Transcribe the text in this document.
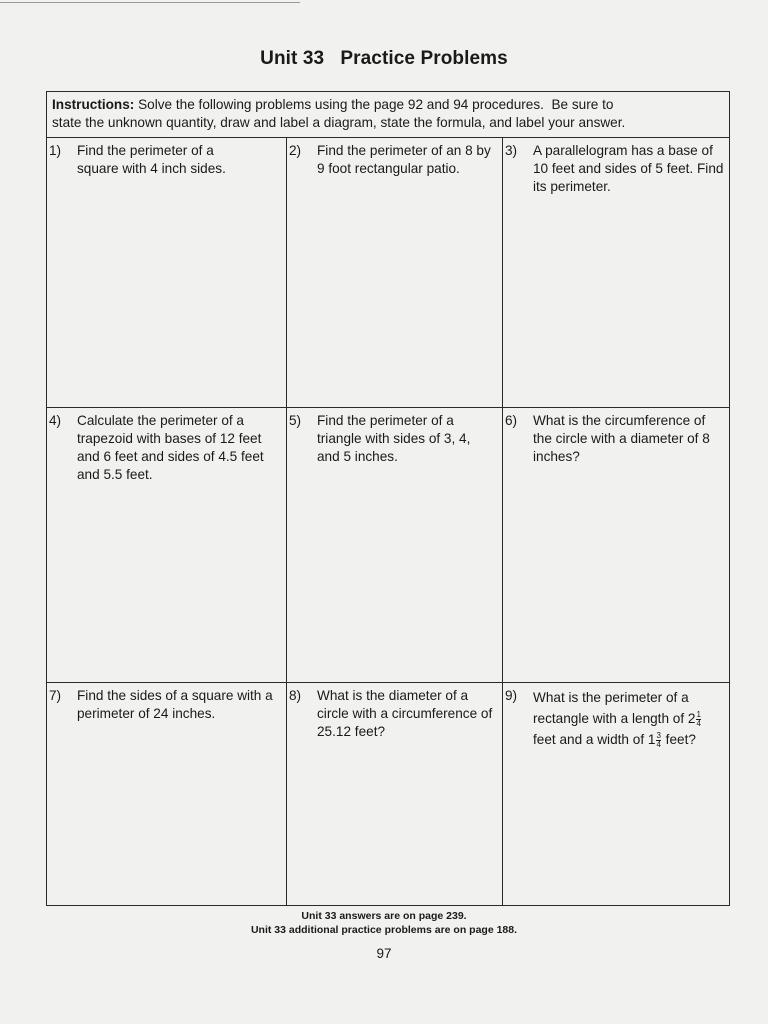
Unit 33   Practice Problems
Instructions: Solve the following problems using the page 92 and 94 procedures.  Be sure to
state the unknown quantity, draw and label a diagram, state the formula, and label your answer.
1) Find the perimeter of a square with 4 inch sides.
2) Find the perimeter of an 8 by 9 foot rectangular patio.
3) A parallelogram has a base of 10 feet and sides of 5 feet. Find its perimeter.
4) Calculate the perimeter of a trapezoid with bases of 12 feet and 6 feet and sides of 4.5 feet and 5.5 feet.
5) Find the perimeter of a triangle with sides of 3, 4, and 5 inches.
6) What is the circumference of the circle with a diameter of 8 inches?
7) Find the sides of a square with a perimeter of 24 inches.
8) What is the diameter of a circle with a circumference of 25.12 feet?
9) What is the perimeter of a rectangle with a length of $2 \frac{1}{4}$ feet and a width of $1 \frac{3}{4}$ feet?
Unit 33 answers are on page 239.
Unit 33 additional practice problems are on page 188.
97
